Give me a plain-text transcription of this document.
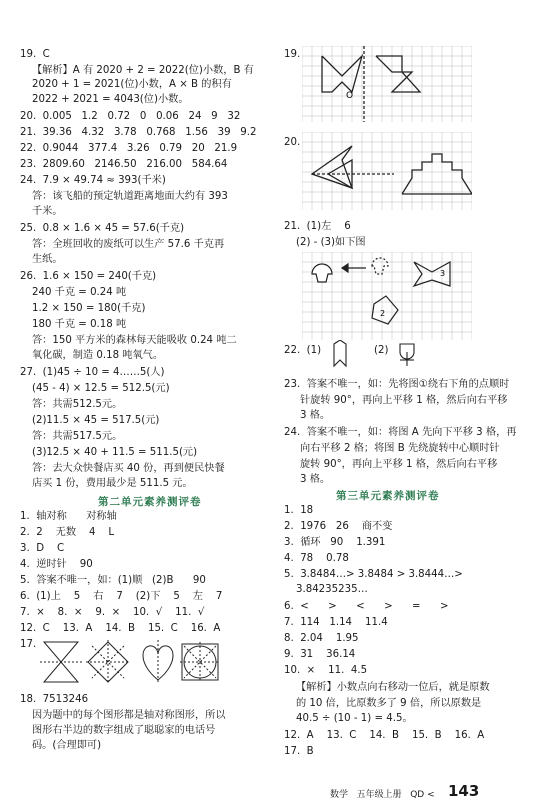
19.  C
【解析】A 有 2020 + 2 = 2022(位)小数，B 有
2020 + 1 = 2021(位)小数，A × B 的积有
2022 + 2021 = 4043(位)小数。
20.  0.005   1.2   0.72   0   0.06   24   9   32
21.  39.36   4.32   3.78   0.768   1.56   39   9.2
22.  0.9044   377.4   3.26   0.79   20   21.9
23.  2809.60   2146.50   216.00   584.64
24.  7.9 × 49.74 ≈ 393(千米)
答：该飞船的预定轨道距离地面大约有 393
千米。
25.  0.8 × 1.6 × 45 = 57.6(千克)
答：全班回收的废纸可以生产 57.6 千克再
生纸。
26.  1.6 × 150 = 240(千克)
240 千克 = 0.24 吨
1.2 × 150 = 180(千克)
180 千克 = 0.18 吨
答：150 平方米的森林每天能吸收 0.24 吨二
氧化碳，制造 0.18 吨氧气。
27.  (1)45 ÷ 10 = 4……5(人)
(45 - 4) × 12.5 = 512.5(元)
答：共需512.5元。
(2)11.5 × 45 = 517.5(元)
答：共需517.5元。
(3)12.5 × 40 + 11.5 = 511.5(元)
答：去大众快餐店买 40 份，再到便民快餐
店买 1 份，费用最少是 511.5 元。
1.  轴对称      对称轴
2.  2    无数    4    L
3.  D    C
4.  逆时针    90
5.  答案不唯一，如：(1)顺   (2)B      90
6.  (1)上    5    右    7    (2)下    5    左    7
7.  ×    8.  ×    9.  ×    10.  √    11.  √
12.  C    13.  A    14.  B    15.  C    16.  A
17.
18.  7513246
因为题中的每个图形都是轴对称图形，所以
图形右半边的数字组成了聪聪家的电话号
码。(合理即可)
19.
20.
21.  (1)左    6
(2) - (3)如下图
22.  (1)	(2)
23.  答案不唯一，如：先将图①绕右下角的点顺时
针旋转 90°，再向上平移 1 格，然后向右平移
3 格。
24.  答案不唯一，如：将图 A 先向下平移 3 格，再
向右平移 2 格；将图 B 先绕旋转中心顺时针
旋转 90°，再向上平移 1 格，然后向右平移
3 格。
1.  18
2.  1976   26    商不变
3.  循环   90    1.391
4.  78    0.78
5.  3.8484…> 3.8484 > 3.8444…>
3.84235235…
6.  <      >      <      >      =      >
7.  114   1.14    11.4
8.  2.04    1.95
9.  31    36.14
10.  ×    11.  4.5
【解析】小数点向右移动一位后，就是原数
的 10 倍，比原数多了 9 倍，所以原数是
40.5 ÷ (10 - 1) = 4.5。
12.  A    13.  C    14.  B    15.  B    16.  A
17.  B
第二单元素养测评卷	第三单元素养测评卷
O
3
2
数学 五年级上册 QD < 143
